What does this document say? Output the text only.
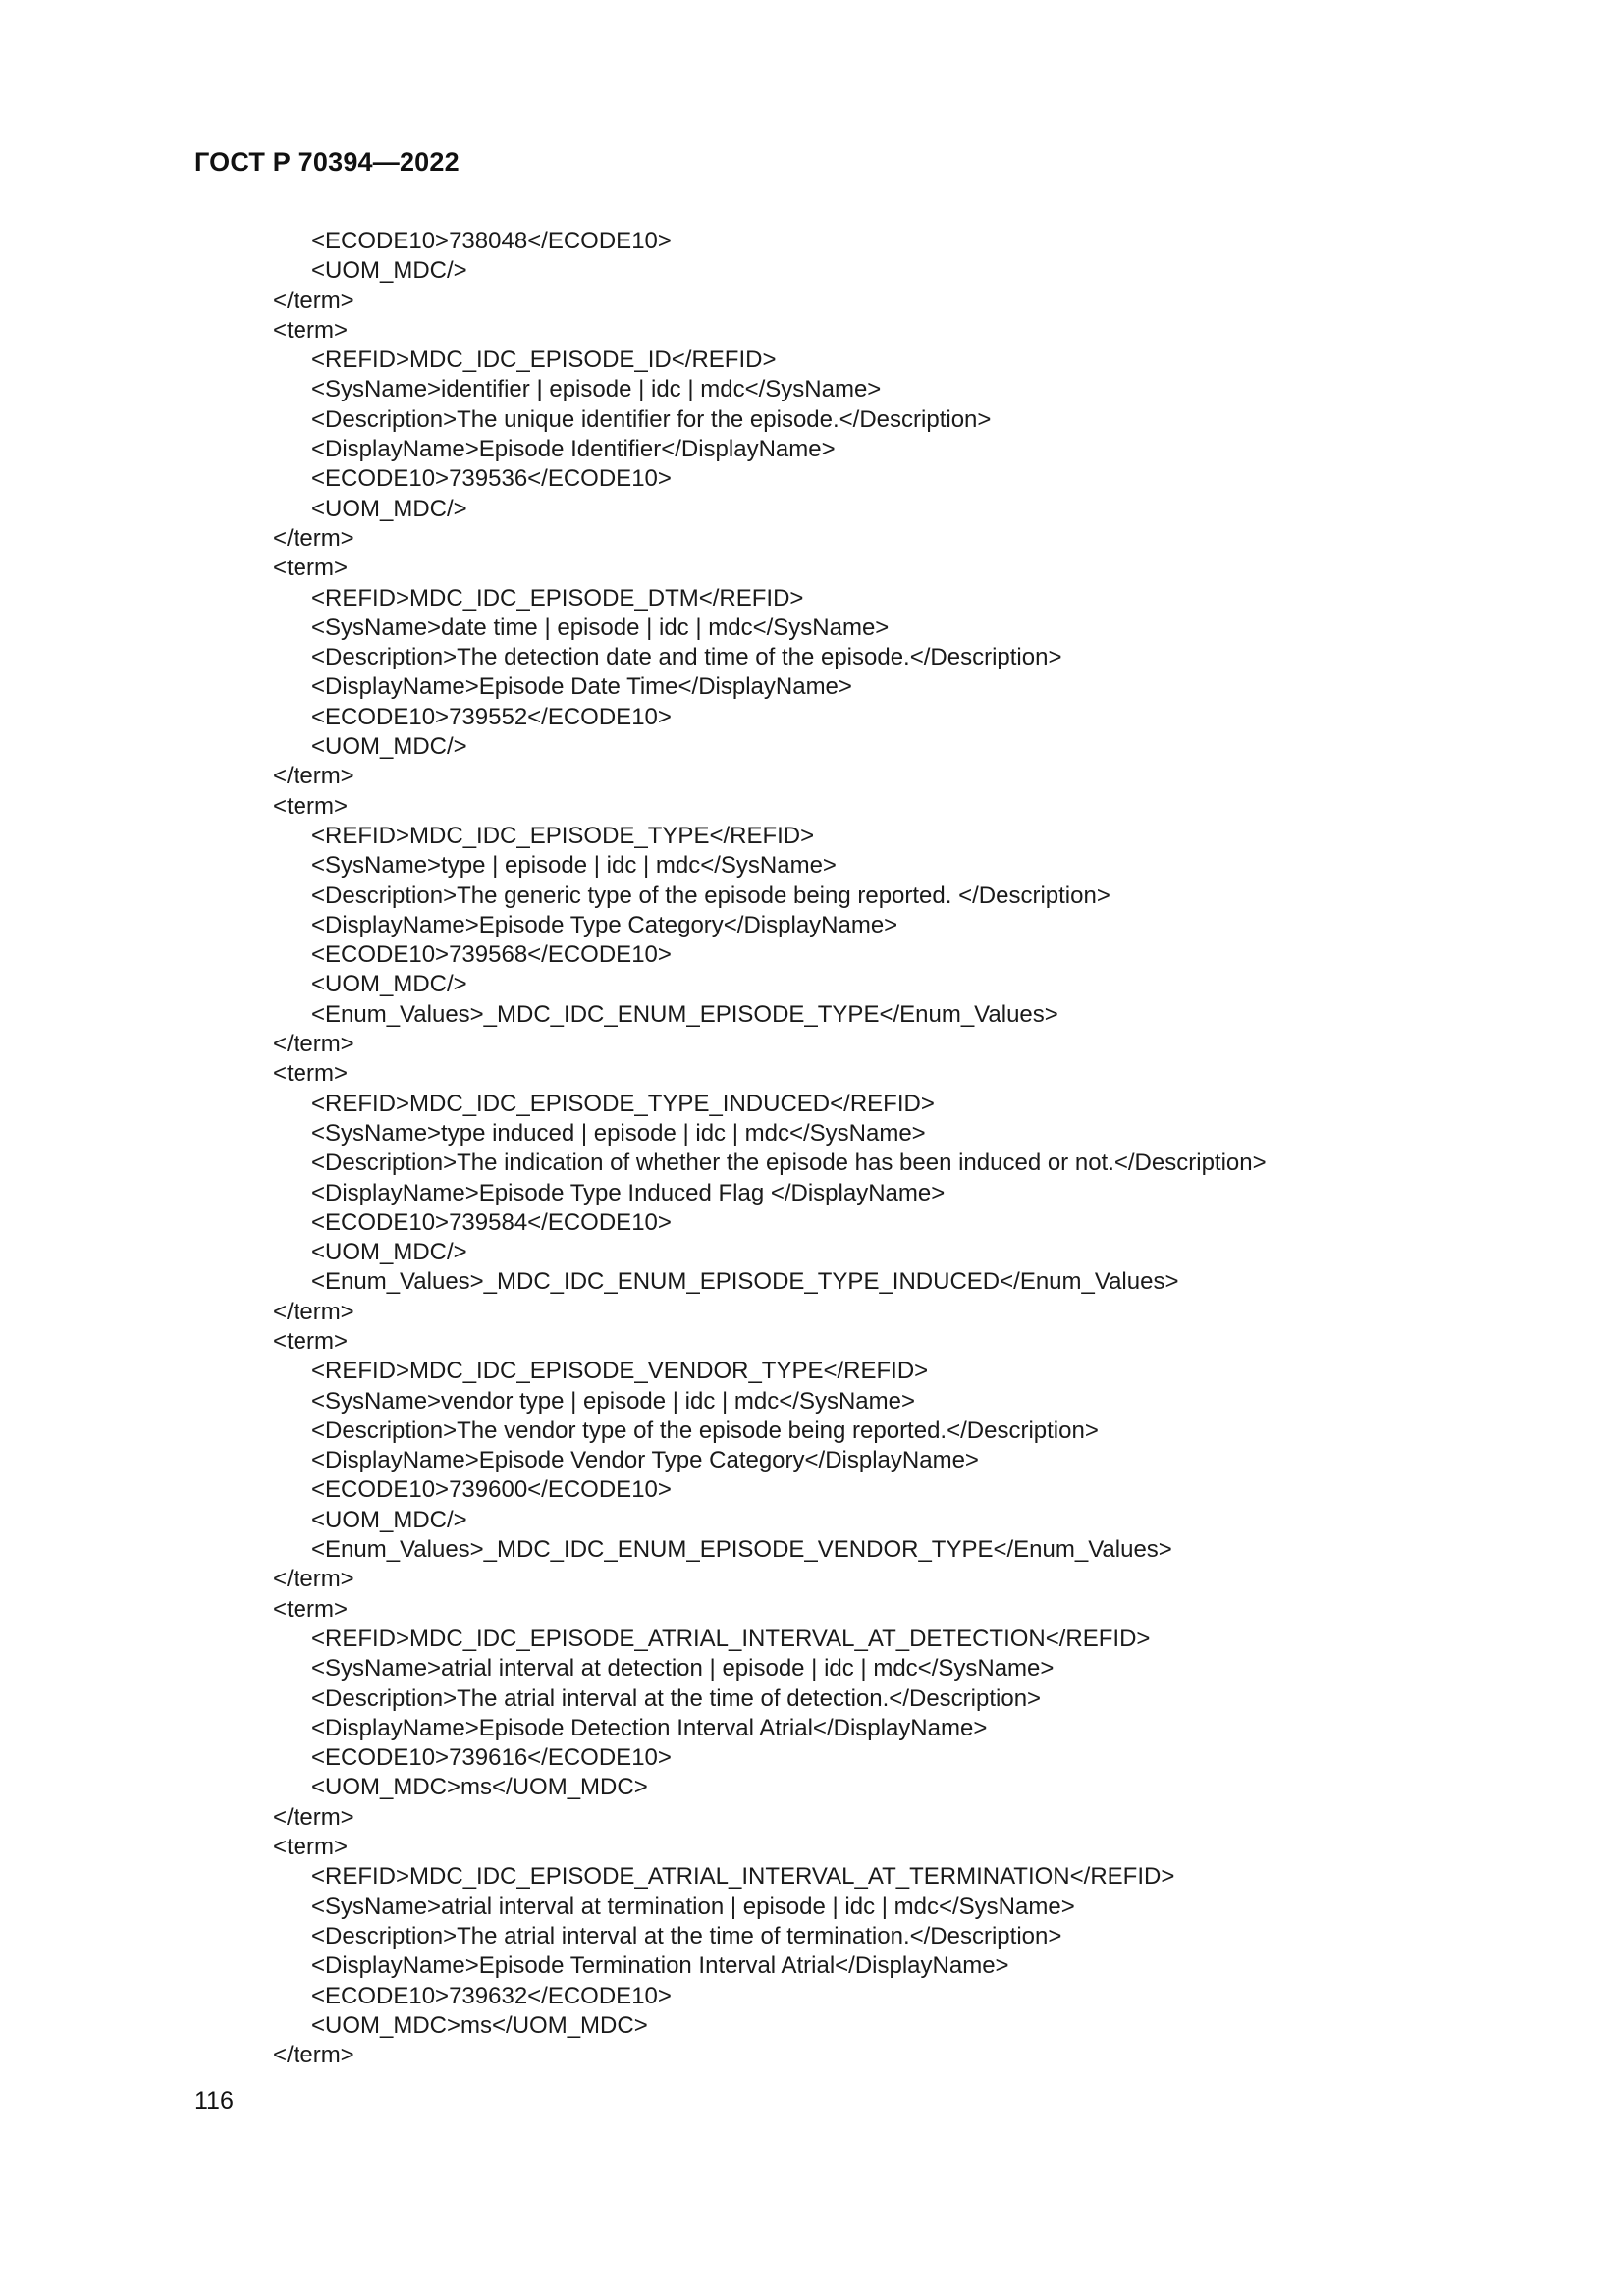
ГОСТ Р 70394—2022
<ECODE10>738048</ECODE10>
<UOM_MDC/>
</term>
<term>
<REFID>MDC_IDC_EPISODE_ID</REFID>
<SysName>identifier | episode | idc | mdc</SysName>
<Description>The unique identifier for the episode.</Description>
<DisplayName>Episode Identifier</DisplayName>
<ECODE10>739536</ECODE10>
<UOM_MDC/>
</term>
<term>
<REFID>MDC_IDC_EPISODE_DTM</REFID>
<SysName>date time | episode | idc | mdc</SysName>
<Description>The detection date and time of the episode.</Description>
<DisplayName>Episode Date Time</DisplayName>
<ECODE10>739552</ECODE10>
<UOM_MDC/>
</term>
<term>
<REFID>MDC_IDC_EPISODE_TYPE</REFID>
<SysName>type | episode | idc | mdc</SysName>
<Description>The generic type of the episode being reported. </Description>
<DisplayName>Episode Type Category</DisplayName>
<ECODE10>739568</ECODE10>
<UOM_MDC/>
<Enum_Values>_MDC_IDC_ENUM_EPISODE_TYPE</Enum_Values>
</term>
<term>
<REFID>MDC_IDC_EPISODE_TYPE_INDUCED</REFID>
<SysName>type induced | episode | idc | mdc</SysName>
<Description>The indication of whether the episode has been induced or not.</Description>
<DisplayName>Episode Type Induced Flag </DisplayName>
<ECODE10>739584</ECODE10>
<UOM_MDC/>
<Enum_Values>_MDC_IDC_ENUM_EPISODE_TYPE_INDUCED</Enum_Values>
</term>
<term>
<REFID>MDC_IDC_EPISODE_VENDOR_TYPE</REFID>
<SysName>vendor type | episode | idc | mdc</SysName>
<Description>The vendor type of the episode being reported.</Description>
<DisplayName>Episode Vendor Type Category</DisplayName>
<ECODE10>739600</ECODE10>
<UOM_MDC/>
<Enum_Values>_MDC_IDC_ENUM_EPISODE_VENDOR_TYPE</Enum_Values>
</term>
<term>
<REFID>MDC_IDC_EPISODE_ATRIAL_INTERVAL_AT_DETECTION</REFID>
<SysName>atrial interval at detection | episode | idc | mdc</SysName>
<Description>The atrial interval at the time of detection.</Description>
<DisplayName>Episode Detection Interval Atrial</DisplayName>
<ECODE10>739616</ECODE10>
<UOM_MDC>ms</UOM_MDC>
</term>
<term>
<REFID>MDC_IDC_EPISODE_ATRIAL_INTERVAL_AT_TERMINATION</REFID>
<SysName>atrial interval at termination | episode | idc | mdc</SysName>
<Description>The atrial interval at the time of termination.</Description>
<DisplayName>Episode Termination Interval Atrial</DisplayName>
<ECODE10>739632</ECODE10>
<UOM_MDC>ms</UOM_MDC>
</term>
116
